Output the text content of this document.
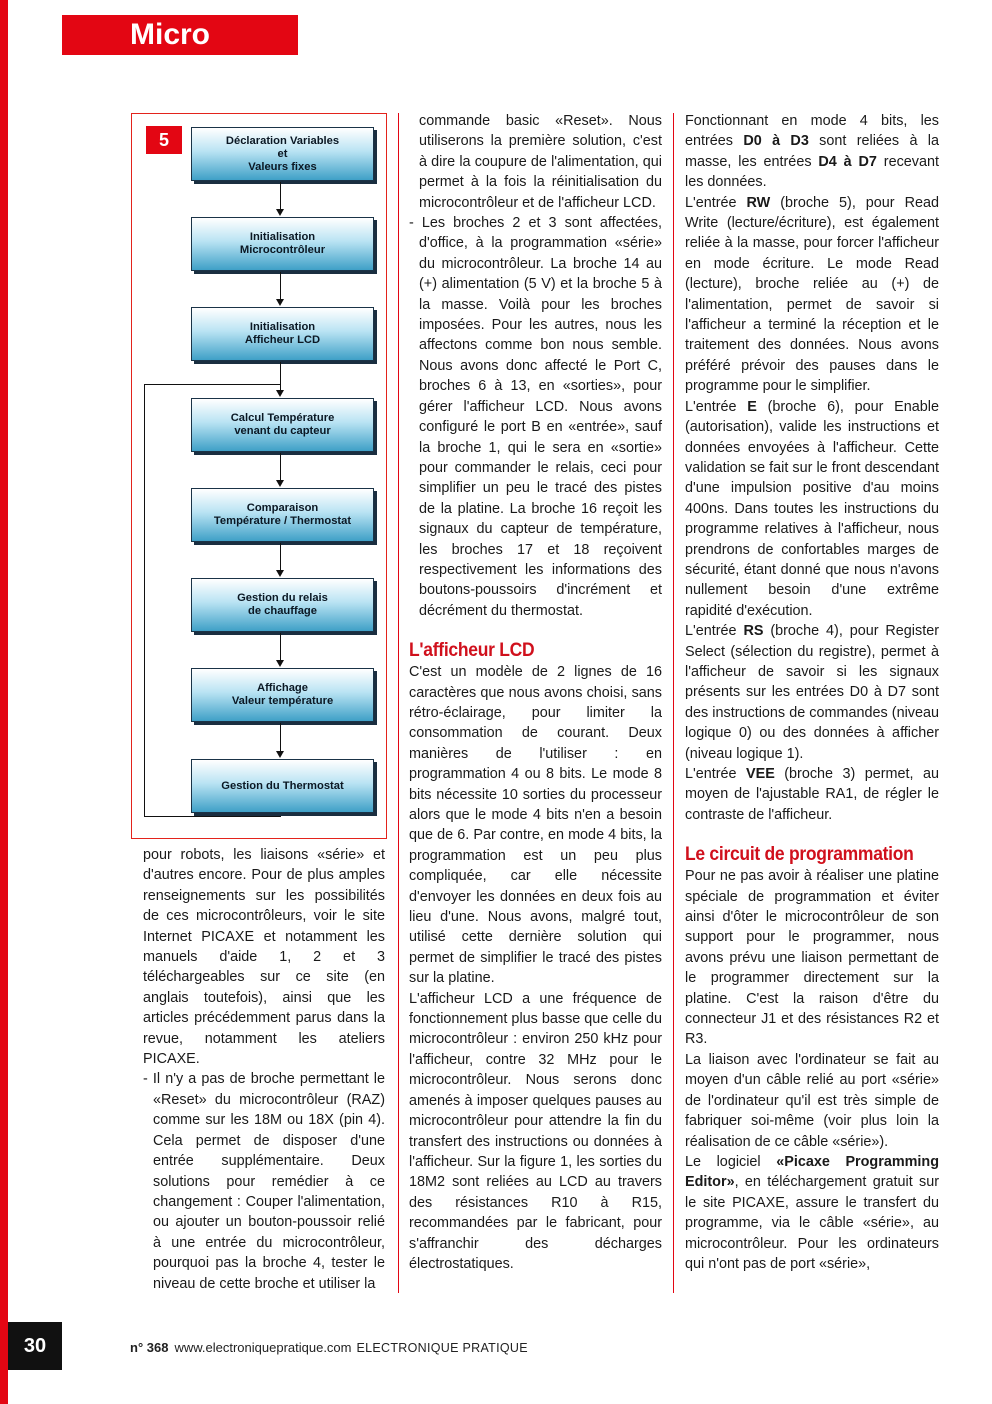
Micro
5	Déclaration Variables
et
Valeurs fixes
Initialisation
Microcontrôleur
Initialisation
Afficheur LCD
Calcul Température
venant du capteur
Comparaison
Température / Thermostat
Gestion du relais
de chauffage
Affichage
Valeur température
Gestion du Thermostat

pour robots, les liaisons «série» et d'autres encore. Pour de plus amples renseignements sur les possibilités de ces microcontrôleurs, voir le site Internet PICAXE et notamment les manuels d'aide 1, 2 et 3 téléchargeables sur ce site (en anglais toutefois), ainsi que les articles précédemment parus dans la revue, notamment les ateliers PICAXE.

- Il n'y a pas de broche permettant le «Reset» du microcontrôleur (RAZ) comme sur les 18M ou 18X (pin 4). Cela permet de disposer d'une entrée supplémentaire. Deux solutions pour remédier à ce changement : Couper l'alimentation, ou ajouter un bouton-poussoir relié à une entrée du microcontrôleur, pourquoi pas la broche 4, tester le niveau de cette broche et utiliser la

commande basic «Reset». Nous utiliserons la première solution, c'est à dire la coupure de l'alimentation, qui permet à la fois la réinitialisation du microcontrôleur et de l'afficheur LCD.

- Les broches 2 et 3 sont affectées, d'office, à la programmation «série» du microcontrôleur. La broche 14 au (+) alimentation (5 V) et la broche 5 à la masse. Voilà pour les broches imposées. Pour les autres, nous les affectons comme bon nous semble. Nous avons donc affecté le Port C, broches 6 à 13, en «sorties», pour gérer l'afficheur LCD. Nous avons configuré le port B en «entrée», sauf la broche 1, qui le sera en «sortie» pour commander le relais, ceci pour simplifier un peu le tracé des pistes de la platine. La broche 16 reçoit les signaux du capteur de température, les broches 17 et 18 reçoivent respectivement les informations des boutons-poussoirs d'incrément et décrément du thermostat.

L'afficheur LCD

C'est un modèle de 2 lignes de 16 caractères que nous avons choisi, sans rétro-éclairage, pour limiter la consommation de courant. Deux manières de l'utiliser : en programmation 4 ou 8 bits. Le mode 8 bits nécessite 10 sorties du processeur alors que le mode 4 bits n'en a besoin que de 6. Par contre, en mode 4 bits, la programmation est un peu plus compliquée, car elle nécessite d'envoyer les données en deux fois au lieu d'une. Nous avons, malgré tout, utilisé cette dernière solution qui permet de simplifier le tracé des pistes sur la platine.

L'afficheur LCD a une fréquence de fonctionnement plus basse que celle du microcontrôleur : environ 250 kHz pour l'afficheur, contre 32 MHz pour le microcontrôleur. Nous serons donc amenés à imposer quelques pauses au microcontrôleur pour attendre la fin du transfert des instructions ou données à l'afficheur. Sur la figure 1, les sorties du 18M2 sont reliées au LCD au travers des résistances R10 à R15, recommandées par le fabricant, pour s'affranchir des décharges électrostatiques.

Fonctionnant en mode 4 bits, les entrées D0 à D3 sont reliées à la masse, les entrées D4 à D7 recevant les données.

L'entrée RW (broche 5), pour Read Write (lecture/écriture), est également reliée à la masse, pour forcer l'afficheur en mode écriture. Le mode Read (lecture), broche reliée au (+) de l'alimentation, permet de savoir si l'afficheur a terminé la réception et le traitement des données. Nous avons préféré prévoir des pauses dans le programme pour le simplifier.

L'entrée E (broche 6), pour Enable (autorisation), valide les instructions et données envoyées à l'afficheur. Cette validation se fait sur le front descendant d'une impulsion positive d'au moins 400ns. Dans toutes les instructions du programme relatives à l'afficheur, nous prendrons de confortables marges de sécurité, étant donné que nous n'avons nullement besoin d'une extrême rapidité d'exécution.

L'entrée RS (broche 4), pour Register Select (sélection du registre), permet à l'afficheur de savoir si les signaux présents sur les entrées D0 à D7 sont des instructions de commandes (niveau logique 0) ou des données à afficher (niveau logique 1).

L'entrée VEE (broche 3) permet, au moyen de l'ajustable RA1, de régler le contraste de l'afficheur.

Le circuit de programmation

Pour ne pas avoir à réaliser une platine spéciale de programmation et éviter ainsi d'ôter le microcontrôleur de son support pour le programmer, nous avons prévu une liaison permettant de le programmer directement sur la platine. C'est la raison d'être du connecteur J1 et des résistances R2 et R3.

La liaison avec l'ordinateur se fait au moyen d'un câble relié au port «série» de l'ordinateur qu'il est très simple de fabriquer soi-même (voir plus loin la réalisation de ce câble «série»).

Le logiciel «Picaxe Programming Editor», en téléchargement gratuit sur le site PICAXE, assure le transfert du programme, via le câble «série», au microcontrôleur. Pour les ordinateurs qui n'ont pas de port «série»,

30	n° 368 www.electroniquepratique.com ELECTRONIQUE PRATIQUE
